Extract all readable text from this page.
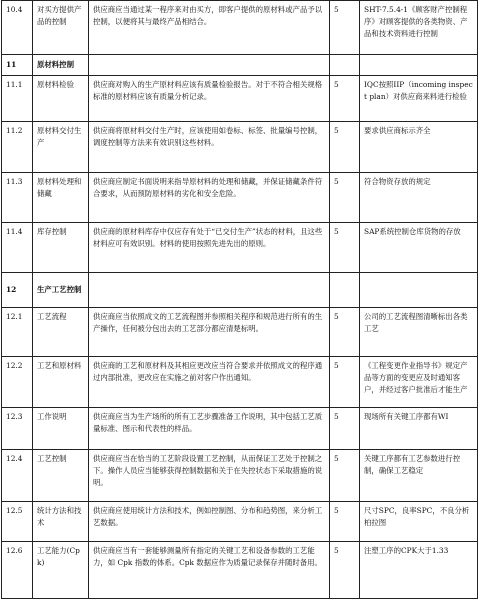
10.4	对买方提供产品的控制	供应商应当通过某一程序来对由买方，即客户提供的原材料或产品予以控制，以便将其与最终产品相结合。	5	SHT-7.5.4-1《顾客财产控制程序》对顾客提供的各类物资、产品和技术资料进行控制
11	原材料控制			
11.1	原材料检验	供应商对购入的生产原材料应该有质量检验报告。对于不符合相关规格标准的原材料应该有质量分析记录。	5	IQC按照IIP（incoming inspect plan）对供应商来料进行检验
11.2	原材料交付生产	供应商将原材料交付生产时，应该使用如卷标、标签、批量编号控制，调度控制等方法来有效识别这些材料。	5	要求供应商标示齐全
11.3	原材料处理和储藏	供应商应制定书面说明来指导原材料的处理和储藏，并保证储藏条件符合要求，从而预防原材料的劣化和安全危险。	5	符合物资存放的规定
11.4	库存控制	供应商的原材料库存中仅应存有处于“已交付生产”状态的材料，且这些材料应可有效识别。材料的使用按照先进先出的原则。	5	SAP系统控制仓库货物的存放
12	生产工艺控制			
12.1	工艺流程	供应商应当依照成文的工艺流程图并参照相关程序和规范进行所有的生产操作，任何被分包出去的工艺部分都应清楚标明。	5	公司的工艺流程图清晰标出各类工艺
12.2	工艺和原材料	供应商的工艺和原材料及其相应更改应当符合要求并依照成文的程序通过内部批准，更改应在实施之前对客户作出通知。	5	《工程变更作业指导书》规定产品等方面的变更应及时通知客户，并经过客户批准后才能生产
12.3	工作说明	供应商应当为生产场所的所有工艺步骤准备工作说明，其中包括工艺质量标准、图示和代表性的样品。	5	现场所有关键工序都有WI
12.4	工艺控制	供应商应当在恰当的工艺阶段设置工艺控制，从而保证工艺处于控制之下。操作人员应当能够获得控制数据和关于在失控状态下采取措施的说明。	5	关键工序都有工艺参数进行控制，确保工艺稳定
12.5	统计方法和技术	供应商应使用统计方法和技术，例如控制图、分布和趋势图，来分析工艺数据。	5	尺寸SPC，良率SPC，不良分析柏拉图
12.6	工艺能力(Cpk)	供应商应当有一套能够测量所有指定的关键工艺和设备参数的工艺能力，如 Cpk 指数的体系。Cpk 数据应作为质量记录保存并随时备用。	5	注塑工序的CPK大于1.33
